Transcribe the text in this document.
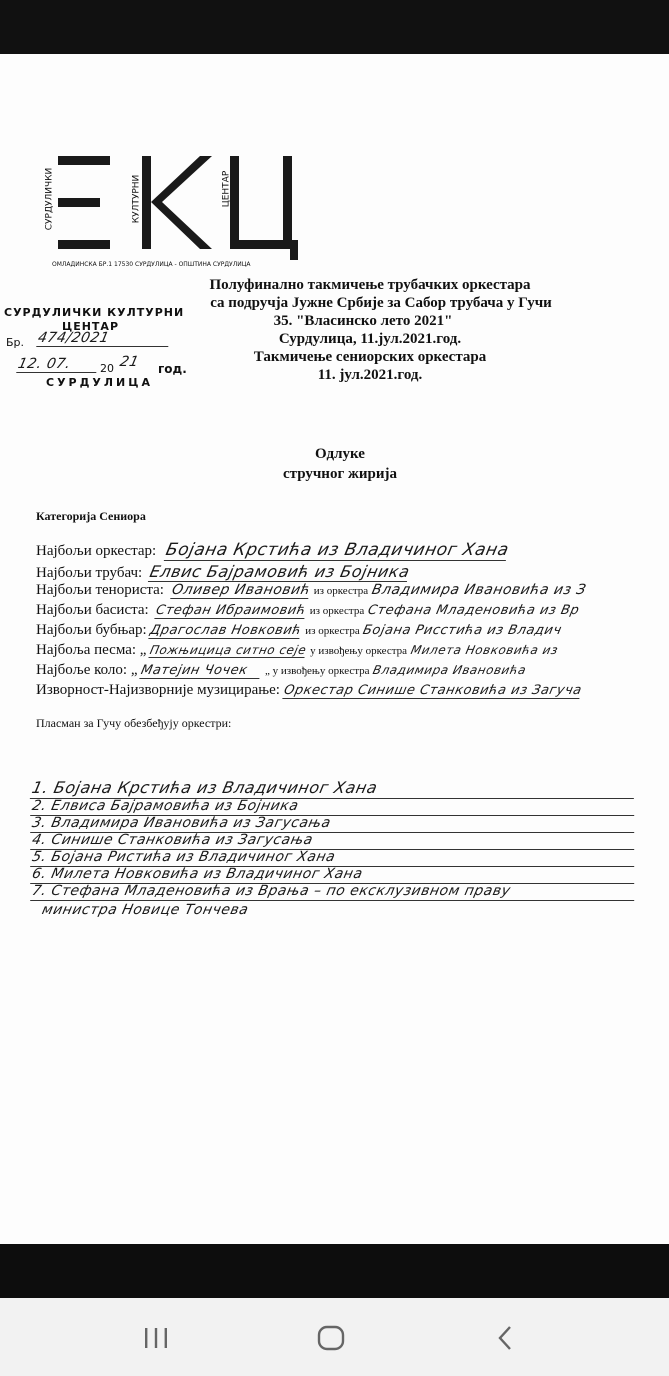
СУРДУЛИЧКИ	КУЛТУРНИ	ЦЕНТАР
ОМЛАДИНСКА БР.1 17530 СУРДУЛИЦА - ОПШТИНА СУРДУЛИЦА
СУРДУЛИЧКИ КУЛТУРНИ
ЦЕНТАР
Бр. 474/2021
12. 07.	20 21 год.
СУРДУЛИЦА
Полуфинално такмичење трубачких оркестара
са подручја Јужне Србије за Сабор трубача у Гучи
35. "Власинско лето 2021"
Сурдулица, 11.јул.2021.год.
Такмичење сениорских оркестара
11. јул.2021.год.
Одлуке
стручног жирија
Категорија Сениора
Најбољи оркестар: Бојана Крстића из Владичиног Хана
Најбољи трубач: Елвис Бајрамовић из Бојника
Најбољи тенориста: Оливер Ивановић из оркестра Владимира Ивановића из З
Најбољи басиста: Стефан Ибраимовић из оркестра Стефана Младеновића из Вр
Најбољи бубњар: Драгослав Новковић из оркестра Бојана Рисстића из Владич
Најбоља песма: „ Пожњицица ситно сеје у извођењу оркестра Милета Новковића из
Најбоље коло: „ Матејин Чочек „ у извођењу оркестра Владимира Ивановића
Изворност-Најизворније музицирање: Оркестар Синише Станковића из Загуча
Пласман за Гучу обезбеђују оркестри:
1. Бојана Крстића из Владичиног Хана
2. Елвиса Бајрамовића из Бојника
3. Владимира Ивановића из Загусања
4. Синише Станковића из Загусања
5. Бојана Ристића из Владичиног Хана
6. Милета Новковића из Владичиног Хана
7. Стефана Младеновића из Врања – по ексклузивном праву
министра Новице Тончева
